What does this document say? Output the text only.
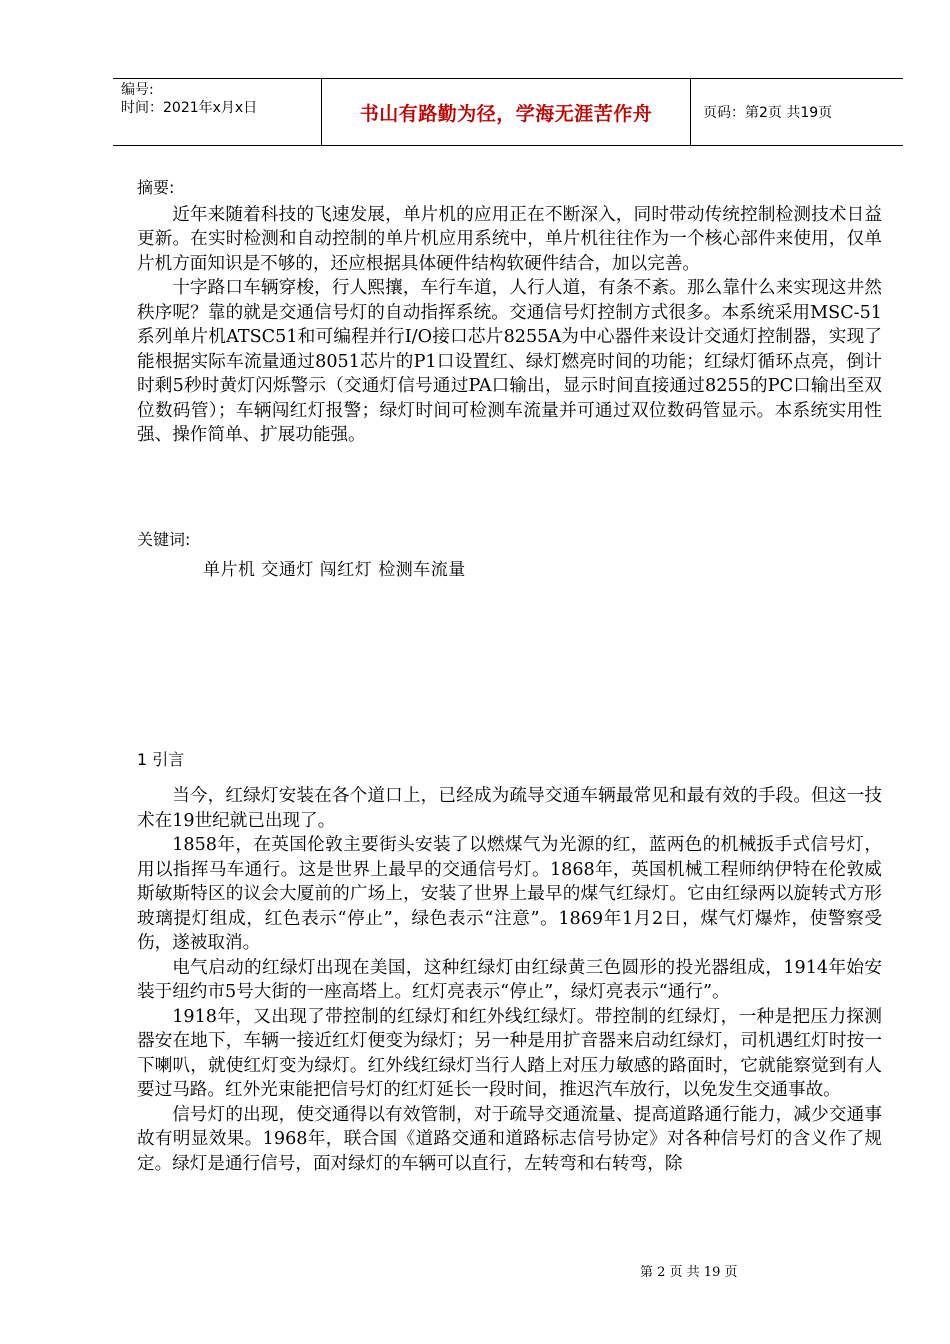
编号:
时间：2021年x月x日	书山有路勤为径，学海无涯苦作舟	页码：第2页 共19页
摘要:

近年来随着科技的飞速发展，单片机的应用正在不断深入，同时带动传统控制检测技术日益更新。在实时检测和自动控制的单片机应用系统中，单片机往往作为一个核心部件来使用，仅单片机方面知识是不够的，还应根据具体硬件结构软硬件结合，加以完善。

十字路口车辆穿梭，行人熙攘，车行车道，人行人道，有条不紊。那么靠什么来实现这井然秩序呢？靠的就是交通信号灯的自动指挥系统。交通信号灯控制方式很多。本系统采用MSC-51系列单片机ATSC51和可编程并行I/O接口芯片8255A为中心器件来设计交通灯控制器，实现了能根据实际车流量通过8051芯片的P1口设置红、绿灯燃亮时间的功能；红绿灯循环点亮，倒计时剩5秒时黄灯闪烁警示（交通灯信号通过PA口输出，显示时间直接通过8255的PC口输出至双位数码管）；车辆闯红灯报警；绿灯时间可检测车流量并可通过双位数码管显示。本系统实用性强、操作简单、扩展功能强。

关键词:
单片机 交通灯 闯红灯 检测车流量
1 引言

当今，红绿灯安装在各个道口上，已经成为疏导交通车辆最常见和最有效的手段。但这一技术在19世纪就已出现了。

1858年，在英国伦敦主要街头安装了以燃煤气为光源的红，蓝两色的机械扳手式信号灯，用以指挥马车通行。这是世界上最早的交通信号灯。1868年，英国机械工程师纳伊特在伦敦威斯敏斯特区的议会大厦前的广场上，安装了世界上最早的煤气红绿灯。它由红绿两以旋转式方形玻璃提灯组成，红色表示“停止”，绿色表示“注意”。1869年1月2日，煤气灯爆炸，使警察受伤，遂被取消。

电气启动的红绿灯出现在美国，这种红绿灯由红绿黄三色圆形的投光器组成，1914年始安装于纽约市5号大街的一座高塔上。红灯亮表示“停止”，绿灯亮表示“通行”。

1918年，又出现了带控制的红绿灯和红外线红绿灯。带控制的红绿灯，一种是把压力探测器安在地下，车辆一接近红灯便变为绿灯；另一种是用扩音器来启动红绿灯，司机遇红灯时按一下喇叭，就使红灯变为绿灯。红外线红绿灯当行人踏上对压力敏感的路面时，它就能察觉到有人要过马路。红外光束能把信号灯的红灯延长一段时间，推迟汽车放行，以免发生交通事故。

信号灯的出现，使交通得以有效管制，对于疏导交通流量、提高道路通行能力，减少交通事故有明显效果。1968年，联合国《道路交通和道路标志信号协定》对各种信号灯的含义作了规定。绿灯是通行信号，面对绿灯的车辆可以直行，左转弯和右转弯，除

第 2 页 共 19 页
